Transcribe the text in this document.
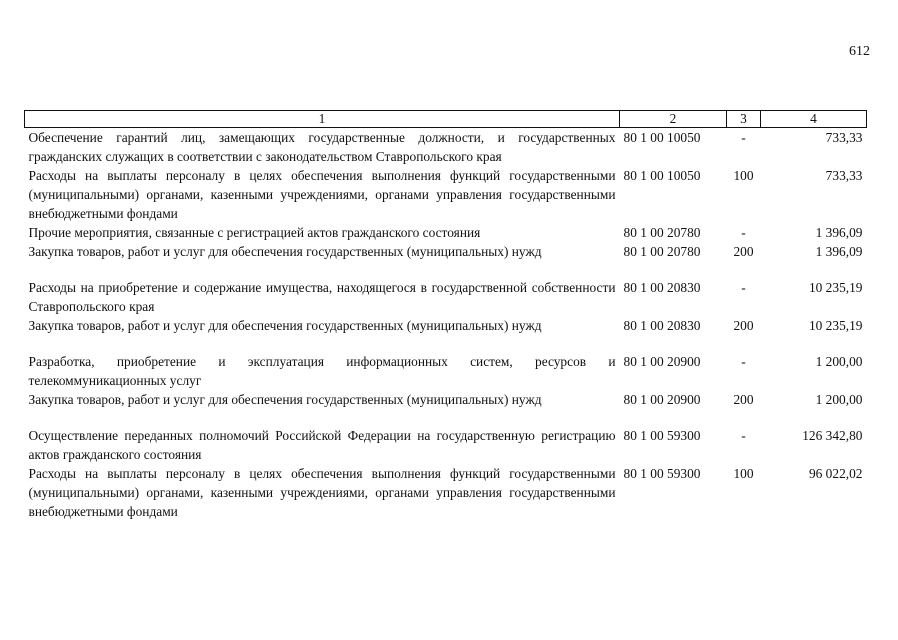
612
1	2	3	4
Обеспечение гарантий лиц, замещающих государственные должности, и государственных гражданских служащих в соответствии с законодательством Ставропольского края	80 1 00 10050	-	733,33
Расходы на выплаты персоналу в целях обеспечения выполнения функций государственными (муниципальными) органами, казенными учреждениями, органами управления государственными внебюджетными фондами	80 1 00 10050	100	733,33
Прочие мероприятия, связанные с регистрацией актов гражданского состояния	80 1 00 20780	-	1 396,09
Закупка товаров, работ и услуг для обеспечения государственных (муниципальных) нужд	80 1 00 20780	200	1 396,09

Расходы на приобретение и содержание имущества, находящегося в государственной собственности Ставропольского края	80 1 00 20830	-	10 235,19
Закупка товаров, работ и услуг для обеспечения государственных (муниципальных) нужд	80 1 00 20830	200	10 235,19

Разработка, приобретение и эксплуатация информационных систем, ресурсов и телекоммуникационных услуг	80 1 00 20900	-	1 200,00
Закупка товаров, работ и услуг для обеспечения государственных (муниципальных) нужд	80 1 00 20900	200	1 200,00

Осуществление переданных полномочий Российской Федерации на государственную регистрацию актов гражданского состояния	80 1 00 59300	-	126 342,80
Расходы на выплаты персоналу в целях обеспечения выполнения функций государственными (муниципальными) органами, казенными учреждениями, органами управления государственными внебюджетными фондами	80 1 00 59300	100	96 022,02
